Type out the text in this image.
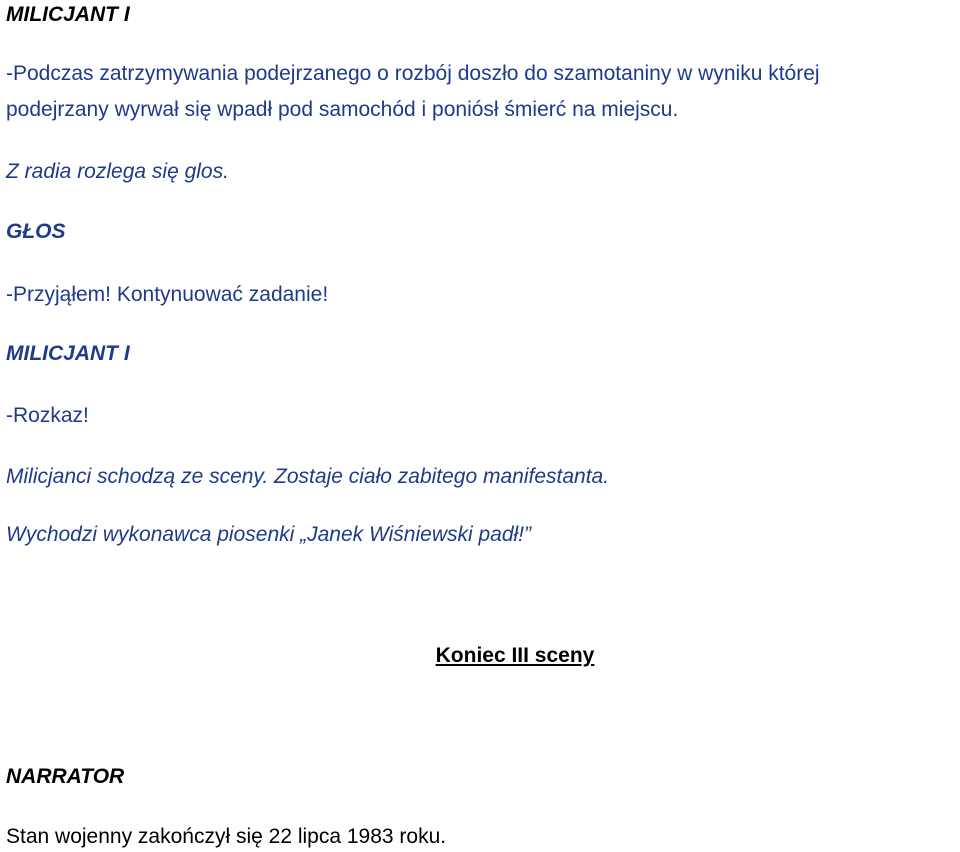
MILICJANT I
-Podczas zatrzymywania podejrzanego o rozbój doszło do szamotaniny w wyniku której
podejrzany wyrwał się wpadł pod samochód i poniósł śmierć na miejscu.
Z radia rozlega się glos.
GŁOS
-Przyjąłem! Kontynuować zadanie!
MILICJANT I
-Rozkaz!
Milicjanci schodzą ze sceny. Zostaje ciało zabitego manifestanta.
Wychodzi wykonawca piosenki „Janek Wiśniewski padł!”
Koniec III sceny
NARRATOR
Stan wojenny zakończył się 22 lipca 1983 roku.
